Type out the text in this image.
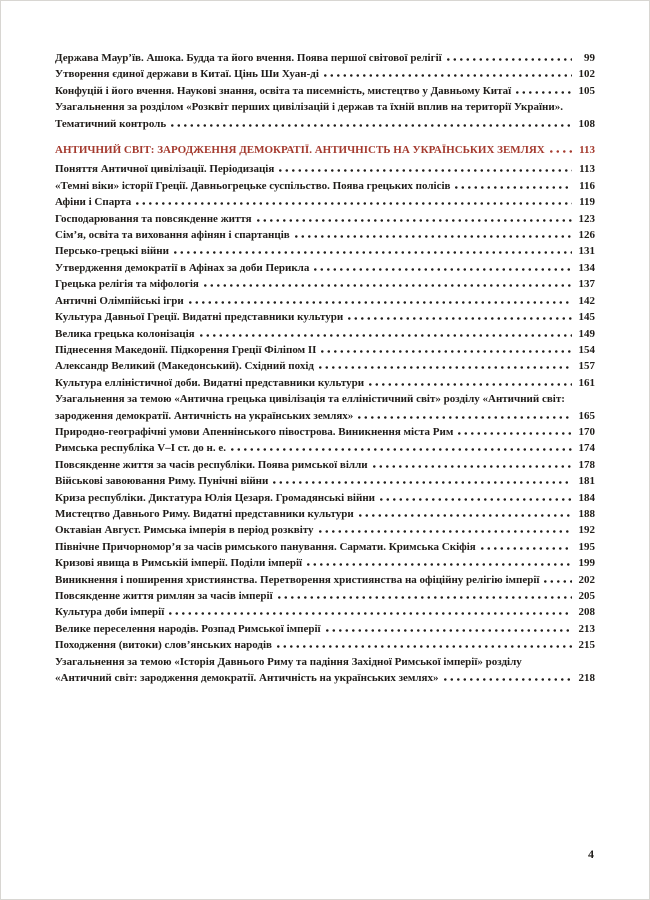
Держава Маур’їв. Ашока. Будда та його вчення. Поява першої світової релігії	99
Утворення єдиної держави в Китаї. Цінь Ши Хуан-ді	102
Конфуцій і його вчення. Наукові знання, освіта та писемність, мистецтво у Давньому Китаї	105
Узагальнення за розділом «Розквіт перших цивілізацій і держав та їхній вплив на території України».
Тематичний контроль	108
АНТИЧНИЙ СВІТ: ЗАРОДЖЕННЯ ДЕМОКРАТІЇ. АНТИЧНІСТЬ НА УКРАЇНСЬКИХ ЗЕМЛЯХ	113
Поняття Античної цивілізації. Періодизація	113
«Темні віки» історії Греції. Давньогрецьке суспільство. Поява грецьких полісів	116
Афіни і Спарта	119
Господарювання та повсякденне життя	123
Сім’я, освіта та виховання афінян і спартанців	126
Персько-грецькі війни	131
Утвердження демократії в Афінах за доби Перикла	134
Грецька релігія та міфологія	137
Античні Олімпійські ігри	142
Культура Давньої Греції. Видатні представники культури	145
Велика грецька колонізація	149
Піднесення Македонії. Підкорення Греції Філіпом II	154
Александр Великий (Македонський). Східний похід	157
Культура елліністичної доби. Видатні представники культури	161
Узагальнення за темою «Антична грецька цивілізація та елліністичний світ» розділу «Античний світ:
зародження демократії. Античність на українських землях»	165
Природно-географічні умови Апеннінського півострова. Виникнення міста Рим	170
Римська республіка V–I ст. до н. е.	174
Повсякденне життя за часів республіки. Поява римської вілли	178
Військові завоювання Риму. Пунічні війни	181
Криза республіки. Диктатура Юлія Цезаря. Громадянські війни	184
Мистецтво Давнього Риму. Видатні представники культури	188
Октавіан Август. Римська імперія в період розквіту	192
Північне Причорномор’я за часів римського панування. Сармати. Кримська Скіфія	195
Кризові явища в Римській імперії. Поділи імперії	199
Виникнення і поширення християнства. Перетворення християнства на офіційну релігію імперії	202
Повсякденне життя римлян за часів імперії	205
Культура доби імперії	208
Велике переселення народів. Розпад Римської імперії	213
Походження (витоки) слов’янських народів	215
Узагальнення за темою «Історія Давнього Риму та падіння Західної Римської імперії» розділу
«Античний світ: зародження демократії. Античність на українських землях»	218
4
